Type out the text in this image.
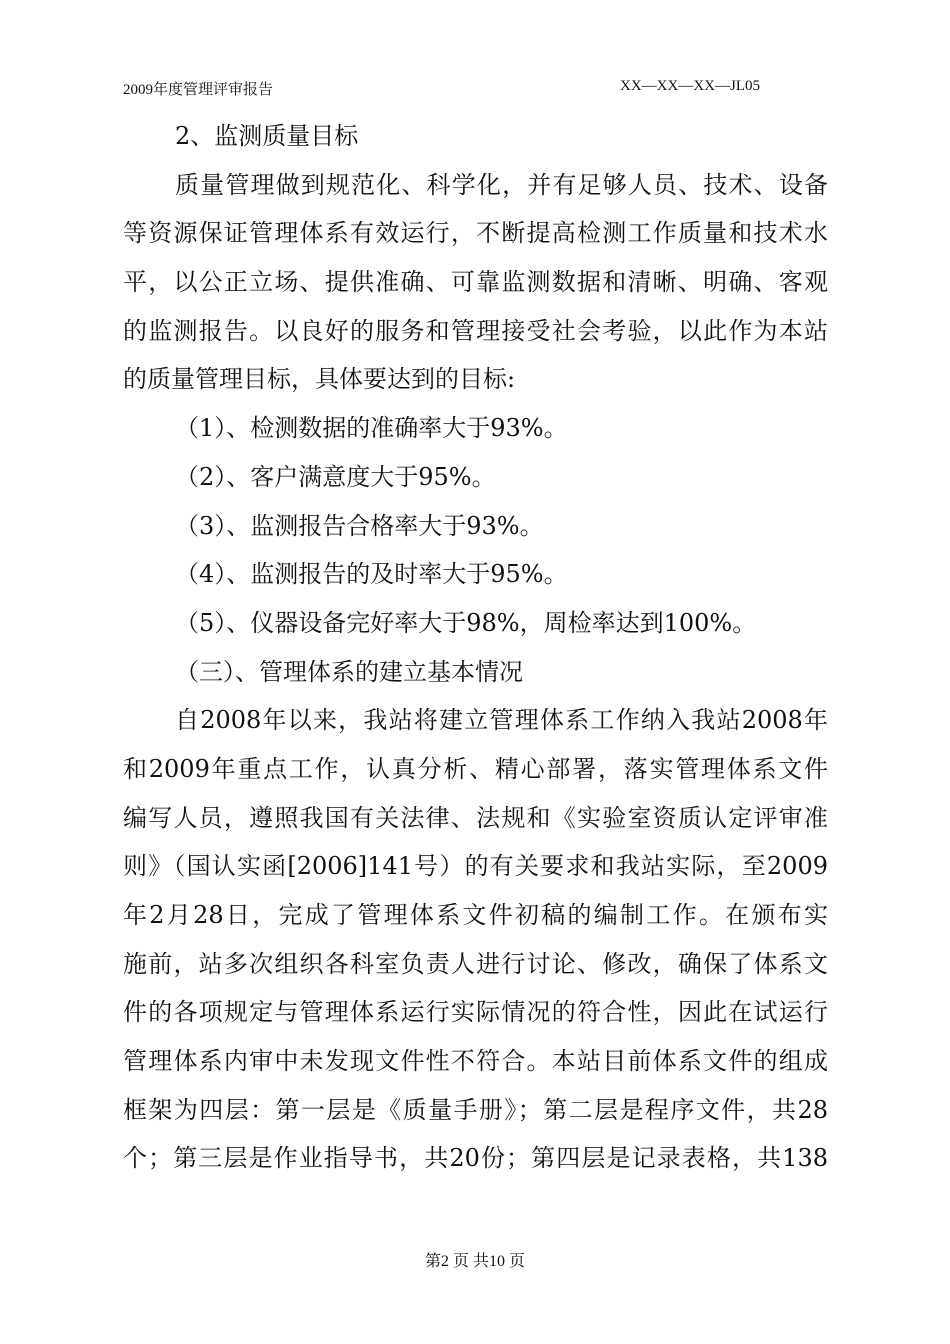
2009年度管理评审报告	XX—XX—XX—JL05
2、监测质量目标
质量管理做到规范化、科学化，并有足够人员、技术、设备
等资源保证管理体系有效运行，不断提高检测工作质量和技术水
平，以公正立场、提供准确、可靠监测数据和清晰、明确、客观
的监测报告。以良好的服务和管理接受社会考验，以此作为本站
的质量管理目标，具体要达到的目标:
（1）、检测数据的准确率大于93%。
（2）、客户满意度大于95%。
（3）、监测报告合格率大于93%。
（4）、监测报告的及时率大于95%。
（5）、仪器设备完好率大于98%，周检率达到100%。
（三）、管理体系的建立基本情况
自2008年以来，我站将建立管理体系工作纳入我站2008年
和2009年重点工作，认真分析、精心部署，落实管理体系文件
编写人员，遵照我国有关法律、法规和《实验室资质认定评审准
则》（国认实函[2006]141号）的有关要求和我站实际，至2009
年2月28日，完成了管理体系文件初稿的编制工作。在颁布实
施前，站多次组织各科室负责人进行讨论、修改，确保了体系文
件的各项规定与管理体系运行实际情况的符合性，因此在试运行
管理体系内审中未发现文件性不符合。本站目前体系文件的组成
框架为四层：第一层是《质量手册》；第二层是程序文件，共28
个；第三层是作业指导书，共20份；第四层是记录表格，共138
第2 页 共10 页
